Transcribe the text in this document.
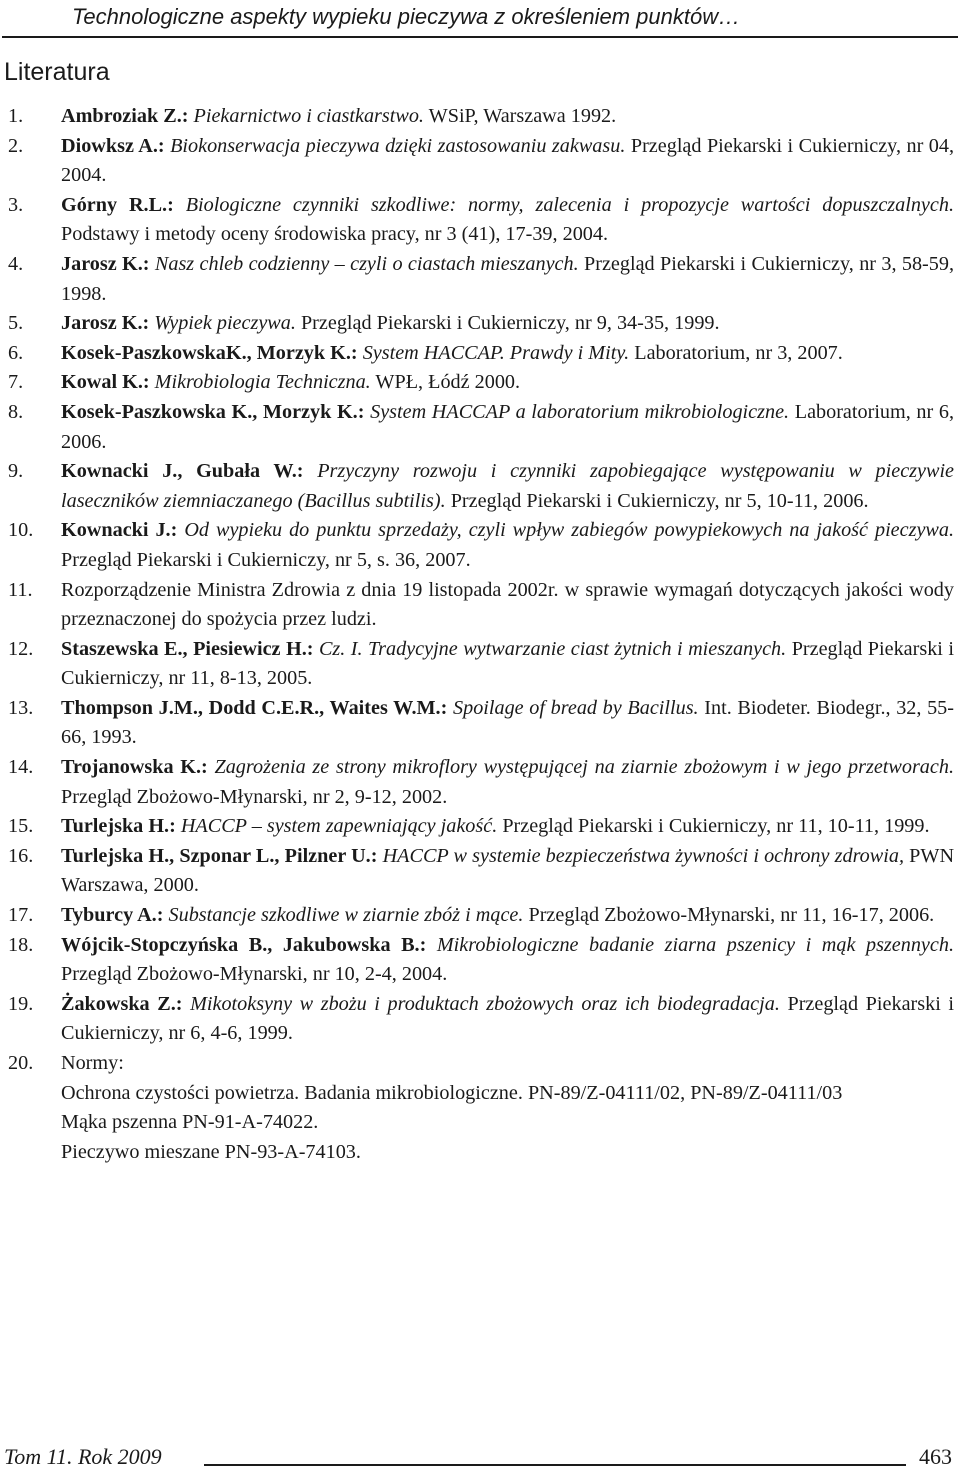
Technologiczne aspekty wypieku pieczywa z określeniem punktów…
Literatura

1. Ambroziak Z.: Piekarnictwo i ciastkarstwo. WSiP, Warszawa 1992.

2. Diowksz A.: Biokonserwacja pieczywa dzięki zastosowaniu zakwasu. Przegląd Piekarski i Cukierniczy, nr 04, 2004.

3. Górny R.L.: Biologiczne czynniki szkodliwe: normy, zalecenia i propozycje wartości dopuszczalnych. Podstawy i metody oceny środowiska pracy, nr 3 (41), 17-39, 2004.

4. Jarosz K.: Nasz chleb codzienny – czyli o ciastach mieszanych. Przegląd Piekarski i Cukierniczy, nr 3, 58-59, 1998.

5. Jarosz K.: Wypiek pieczywa. Przegląd Piekarski i Cukierniczy, nr 9, 34-35, 1999.

6. Kosek-PaszkowskaK., Morzyk K.: System HACCAP. Prawdy i Mity. Laboratorium, nr 3, 2007.

7. Kowal K.: Mikrobiologia Techniczna. WPŁ, Łódź 2000.

8. Kosek-Paszkowska K., Morzyk K.: System HACCAP a laboratorium mikrobiologiczne. Laboratorium, nr 6, 2006.

9. Kownacki J., Gubała W.: Przyczyny rozwoju i czynniki zapobiegające występowaniu w pieczywie laseczników ziemniaczanego (Bacillus subtilis). Przegląd Piekarski i Cukierniczy, nr 5, 10-11, 2006.

10. Kownacki J.: Od wypieku do punktu sprzedaży, czyli wpływ zabiegów powypiekowych na jakość pieczywa. Przegląd Piekarski i Cukierniczy, nr 5, s. 36, 2007.

11. Rozporządzenie Ministra Zdrowia z dnia 19 listopada 2002r. w sprawie wymagań dotyczących jakości wody przeznaczonej do spożycia przez ludzi.

12. Staszewska E., Piesiewicz H.: Cz. I. Tradycyjne wytwarzanie ciast żytnich i mieszanych. Przegląd Piekarski i Cukierniczy, nr 11, 8-13, 2005.

13. Thompson J.M., Dodd C.E.R., Waites W.M.: Spoilage of bread by Bacillus. Int. Biodeter. Biodegr., 32, 55-66, 1993.

14. Trojanowska K.: Zagrożenia ze strony mikroflory występującej na ziarnie zbożowym i w jego przetworach. Przegląd Zbożowo-Młynarski, nr 2, 9-12, 2002.

15. Turlejska H.: HACCP – system zapewniający jakość. Przegląd Piekarski i Cukierniczy, nr 11, 10-11, 1999.

16. Turlejska H., Szponar L., Pilzner U.: HACCP w systemie bezpieczeństwa żywności i ochrony zdrowia, PWN Warszawa, 2000.

17. Tyburcy A.: Substancje szkodliwe w ziarnie zbóż i mące. Przegląd Zbożowo-Młynarski, nr 11, 16-17, 2006.

18. Wójcik-Stopczyńska B., Jakubowska B.: Mikrobiologiczne badanie ziarna pszenicy i mąk pszennych. Przegląd Zbożowo-Młynarski, nr 10, 2-4, 2004.

19. Żakowska Z.: Mikotoksyny w zbożu i produktach zbożowych oraz ich biodegradacja. Przegląd Piekarski i Cukierniczy, nr 6, 4-6, 1999.

20. Normy:
Ochrona czystości powietrza. Badania mikrobiologiczne. PN-89/Z-04111/02, PN-89/Z-04111/03
Mąka pszenna PN-91-A-74022.
Pieczywo mieszane PN-93-A-74103.
Tom 11. Rok 2009	463
